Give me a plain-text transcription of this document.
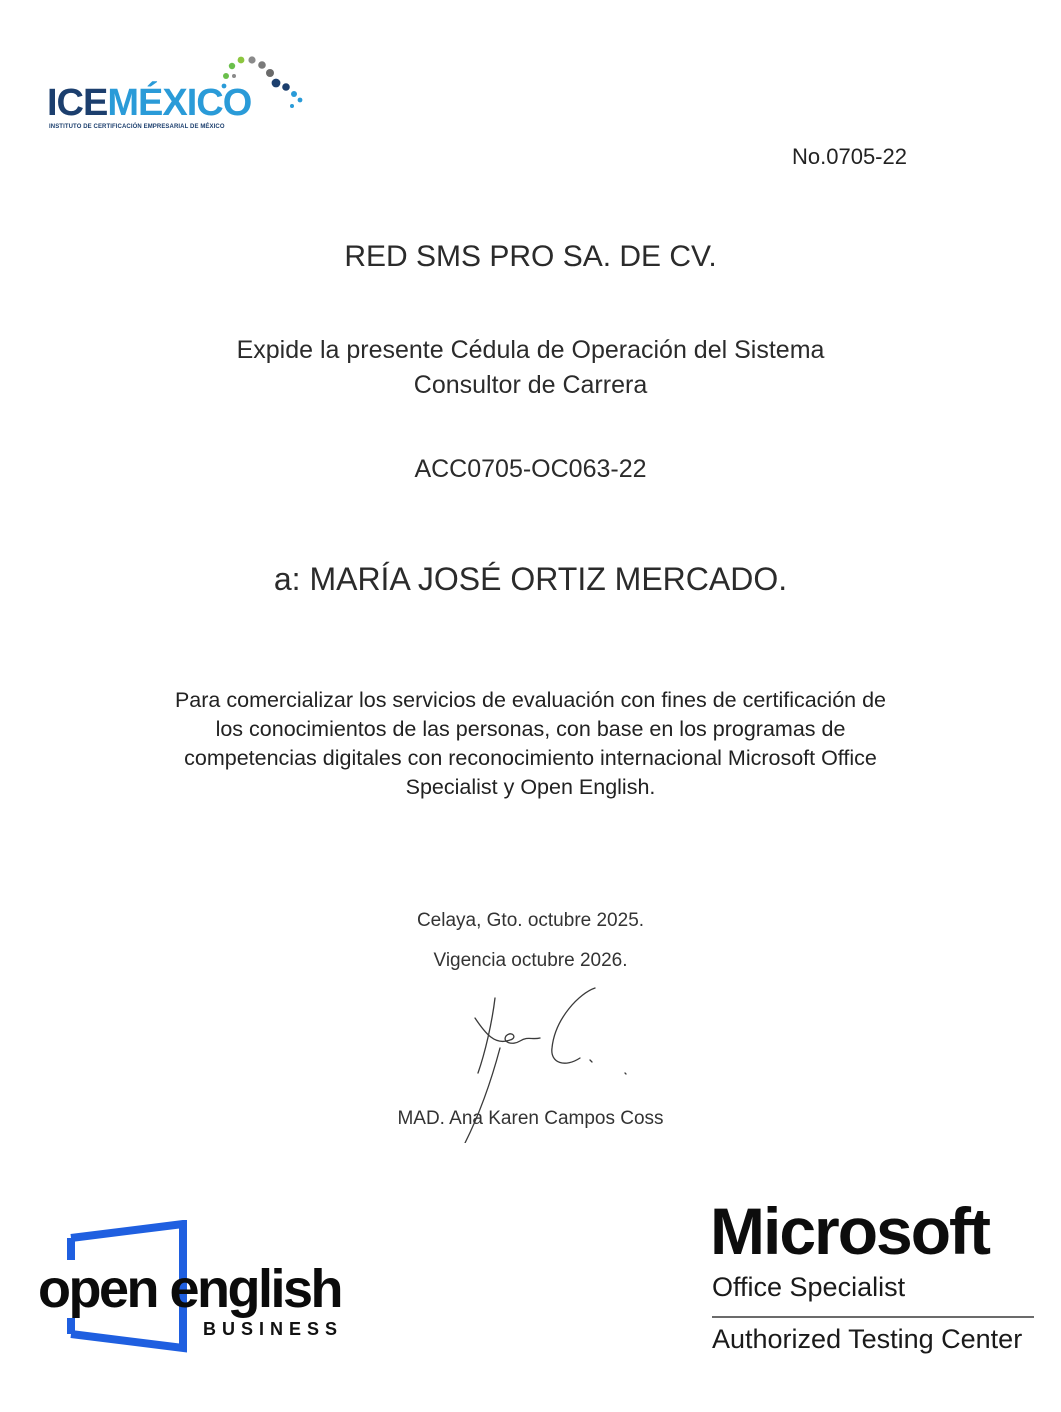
ICEMÉXICO
INSTITUTO DE CERTIFICACIÓN EMPRESARIAL DE MÉXICO
No.0705-22
RED SMS PRO SA. DE CV.
Expide la presente Cédula de Operación del Sistema
Consultor de Carrera
ACC0705-OC063-22
a: MARÍA JOSÉ ORTIZ MERCADO.
Para comercializar los servicios de evaluación con fines de certificación de
los conocimientos de las personas, con base en los programas de
competencias digitales con reconocimiento internacional Microsoft Office
Specialist y Open English.
Celaya, Gto. octubre 2025.
Vigencia octubre 2026.
MAD. Ana Karen Campos Coss
open english
BUSINESS
Microsoft
Office Specialist
Authorized Testing Center
